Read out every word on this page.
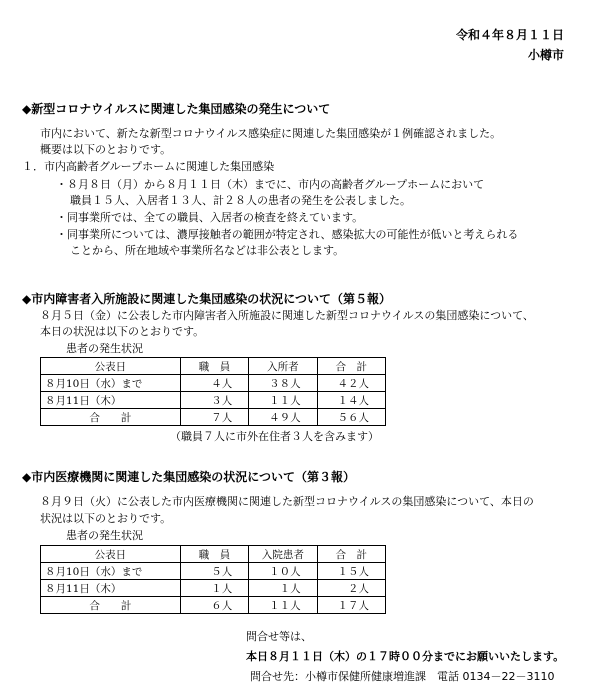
令和４年８月１１日
小樽市
◆新型コロナウイルスに関連した集団感染の発生について
市内において、新たな新型コロナウイルス感染症に関連した集団感染が１例確認されました。
概要は以下のとおりです。
１．市内高齢者グループホームに関連した集団感染
・８月８日（月）から８月１１日（木）までに、市内の高齢者グループホームにおいて
職員１５人、入居者１３人、計２８人の患者の発生を公表しました。
・同事業所では、全ての職員、入居者の検査を終えています。
・同事業所については、濃厚接触者の範囲が特定され、感染拡大の可能性が低いと考えられる
ことから、所在地域や事業所名などは非公表とします。
◆市内障害者入所施設に関連した集団感染の状況について（第５報）
８月５日（金）に公表した市内障害者入所施設に関連した新型コロナウイルスの集団感染について、
本日の状況は以下のとおりです。
患者の発生状況
公表日	職　員	入所者	合　計
８月10日（水）まで	４人	３８人	４２人
８月11日（木）	３人	１１人	１４人
合　　計	７人	４９人	５６人
（職員７人に市外在住者３人を含みます）
◆市内医療機関に関連した集団感染の状況について（第３報）
８月９日（火）に公表した市内医療機関に関連した新型コロナウイルスの集団感染について、本日の
状況は以下のとおりです。
患者の発生状況
公表日	職　員	入院患者	合　計
８月10日（水）まで	５人	１０人	１５人
８月11日（木）	１人	１人	２人
合　　計	６人	１１人	１７人
問合せ等は、
本日８月１１日（木）の１７時００分までにお願いいたします。
問合せ先：小樽市保健所健康増進課　電話 0134－22－3110
